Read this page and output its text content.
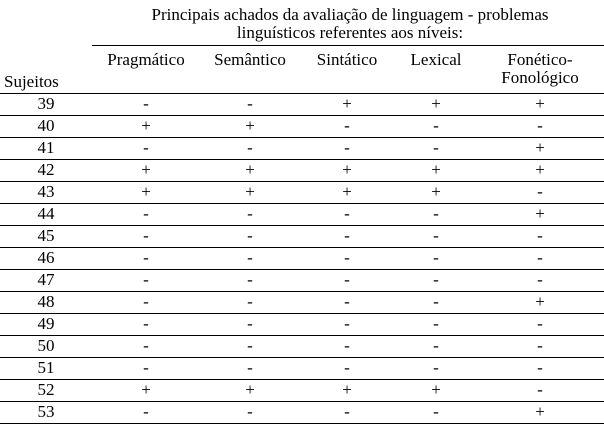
Principais achados da avaliação de linguagem - problemas
linguísticos referentes aos níveis:
Pragmático	Semântico	Sintático	Lexical	Fonético-
Fonológico
Sujeitos
39	-	-	+	+	+
40	+	+	-	-	-
41	-	-	-	-	+
42	+	+	+	+	+
43	+	+	+	+	-
44	-	-	-	-	+
45	-	-	-	-	-
46	-	-	-	-	-
47	-	-	-	-	-
48	-	-	-	-	+
49	-	-	-	-	-
50	-	-	-	-	-
51	-	-	-	-	-
52	+	+	+	+	-
53	-	-	-	-	+
